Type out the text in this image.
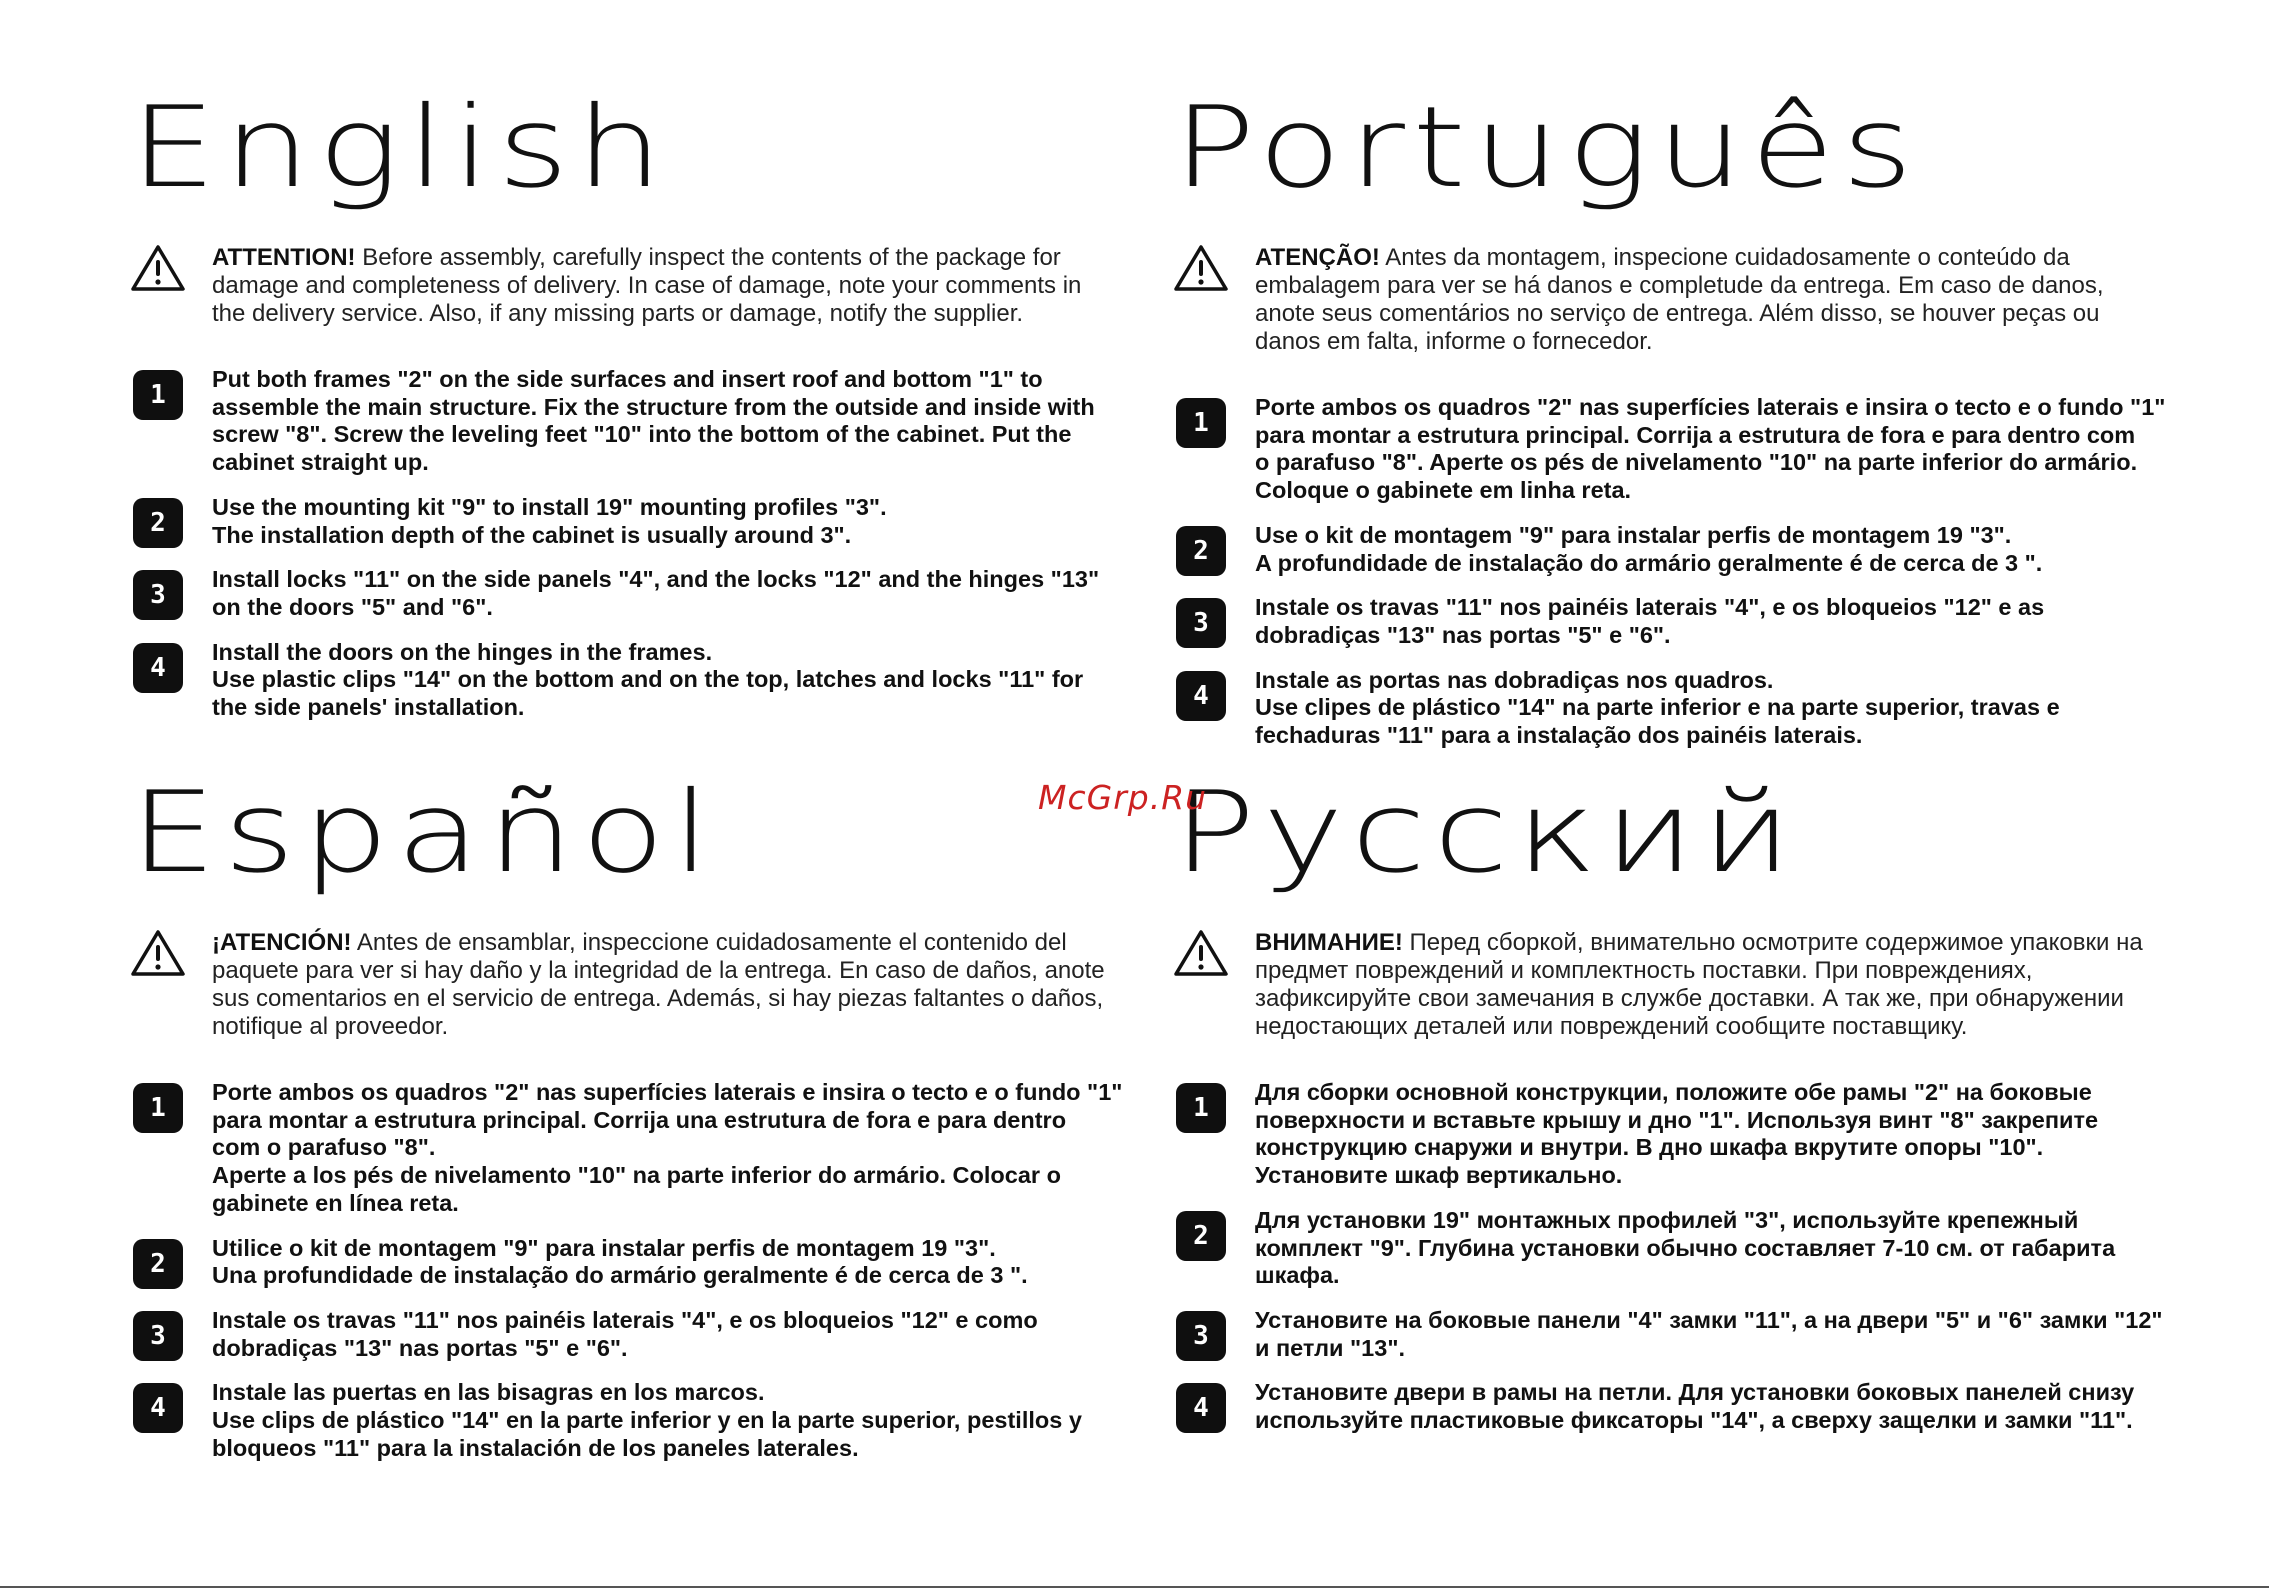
English
ATTENTION! Before assembly, carefully inspect the contents of the package for damage and completeness of delivery. In case of damage, note your comments in the delivery service. Also, if any missing parts or damage, notify the supplier.
1

Put both frames "2" on the side surfaces and insert roof and bottom "1" to
assemble the main structure. Fix the structure from the outside and inside with
screw "8". Screw the leveling feet "10" into the bottom of the cabinet. Put the
cabinet straight up.

2

Use the mounting kit "9" to install 19" mounting profiles "3".
The installation depth of the cabinet is usually around 3".

3

Install locks "11" on the side panels "4", and the locks "12" and the hinges "13"
on the doors "5" and "6".

4

Install the doors on the hinges in the frames.
Use plastic clips "14" on the bottom and on the top, latches and locks "11" for
the side panels' installation.

Português
ATENÇÃO! Antes da montagem, inspecione cuidadosamente o conteúdo da embalagem para ver se há danos e completude da entrega. Em caso de danos, anote seus comentários no serviço de entrega. Além disso, se houver peças ou danos em falta, informe o fornecedor.
1

Porte ambos os quadros "2" nas superfícies laterais e insira o tecto e o fundo "1"
para montar a estrutura principal. Corrija a estrutura de fora e para dentro com
o parafuso "8". Aperte os pés de nivelamento "10" na parte inferior do armário.
Coloque o gabinete em linha reta.

2

Use o kit de montagem "9" para instalar perfis de montagem 19 "3".
A profundidade de instalação do armário geralmente é de cerca de 3 ".

3

Instale os travas "11" nos painéis laterais "4", e os bloqueios "12" e as
dobradiças "13" nas portas "5" e "6".

4

Instale as portas nas dobradiças nos quadros.
Use clipes de plástico "14" na parte inferior e na parte superior, travas e
fechaduras "11" para a instalação dos painéis laterais.

Español
¡ATENCIÓN! Antes de ensamblar, inspeccione cuidadosamente el contenido del paquete para ver si hay daño y la integridad de la entrega. En caso de daños, anote sus comentarios en el servicio de entrega. Además, si hay piezas faltantes o daños, notifique al proveedor.
1

Porte ambos os quadros "2" nas superfícies laterais e insira o tecto e o fundo "1"
para montar a estrutura principal. Corrija una estrutura de fora e para dentro
com o parafuso "8".
Aperte a los pés de nivelamento "10" na parte inferior do armário. Colocar o
gabinete en línea reta.

2

Utilice o kit de montagem "9" para instalar perfis de montagem 19 "3".
Una profundidade de instalação do armário geralmente é de cerca de 3 ".

3

Instale os travas "11" nos painéis laterais "4", e os bloqueios "12" e como
dobradiças "13" nas portas "5" e "6".

4

Instale las puertas en las bisagras en los marcos.
Use clips de plástico "14" en la parte inferior y en la parte superior, pestillos y
bloqueos "11" para la instalación de los paneles laterales.

Русский
ВНИМАНИЕ! Перед сборкой, внимательно осмотрите содержимое упаковки на предмет повреждений и комплектность поставки. При повреждениях, зафиксируйте свои замечания в службе доставки. А так же, при обнаружении недостающих деталей или повреждений сообщите поставщику.
1

Для сборки основной конструкции, положите обе рамы "2" на боковые
поверхности и вставьте крышу и дно "1". Используя винт "8" закрепите
конструкцию снаружи и внутри. В дно шкафа вкрутите опоры "10".
Установите шкаф вертикально.

2

Для установки 19" монтажных профилей "3", используйте крепежный
комплект "9". Глубина установки обычно составляет 7-10 см. от габарита
шкафа.

3

Установите на боковые панели "4" замки "11", а на двери "5" и "6" замки "12"
и петли "13".

4

Установите двери в рамы на петли. Для установки боковых панелей снизу
используйте пластиковые фиксаторы "14", а сверху защелки и замки "11".

McGrp.Ru
